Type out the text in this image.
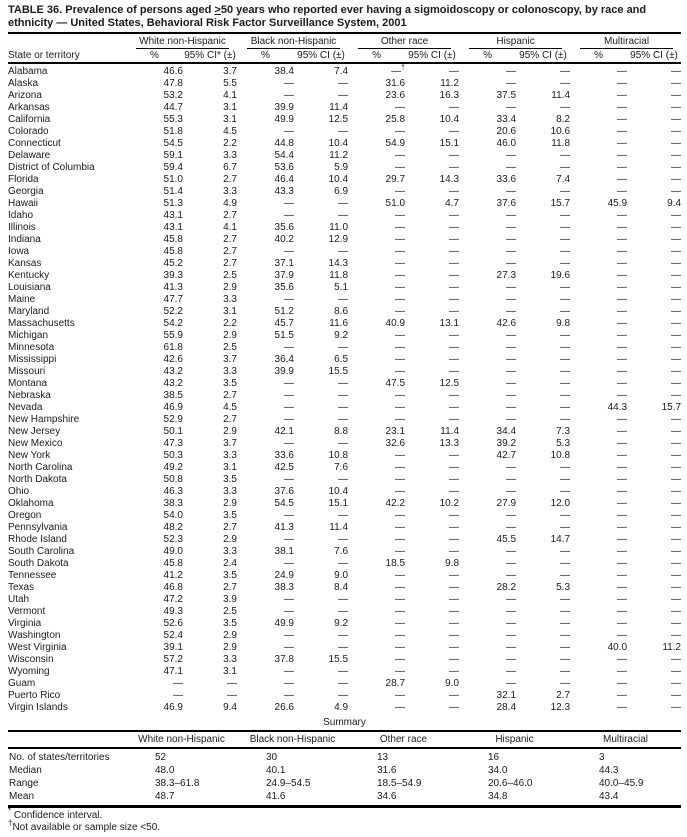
TABLE 36. Prevalence of persons aged ≥50 years who reported ever having a sigmoidoscopy or colonoscopy, by race and ethnicity — United States, Behavioral Risk Factor Surveillance System, 2001

	White non-Hispanic		Black non-Hispanic		Other race		Hispanic		Multiracial	

State or territory	%	95% CI* (±)	%	95% CI (±)	%	95% CI (±)	%	95% CI (±)	%	95% CI (±)
Alabama	46.6	3.7	38.4	7.4	—†	—	—	—	—	—
Alaska	47.8	5.5	—	—	31.6	11.2	—	—	—	—
Arizona	53.2	4.1	—	—	23.6	16.3	37.5	11.4	—	—
Arkansas	44.7	3.1	39.9	11.4	—	—	—	—	—	—
California	55.3	3.1	49.9	12.5	25.8	10.4	33.4	8.2	—	—
Colorado	51.8	4.5	—	—	—	—	20.6	10.6	—	—
Connecticut	54.5	2.2	44.8	10.4	54.9	15.1	46.0	11.8	—	—
Delaware	59.1	3.3	54.4	11.2	—	—	—	—	—	—
District of Columbia	59.4	6.7	53.6	5.9	—	—	—	—	—	—
Florida	51.0	2.7	46.4	10.4	29.7	14.3	33.6	7.4	—	—
Georgia	51.4	3.3	43.3	6.9	—	—	—	—	—	—
Hawaii	51.3	4.9	—	—	51.0	4.7	37.6	15.7	45.9	9.4
Idaho	43.1	2.7	—	—	—	—	—	—	—	—
Illinois	43.1	4.1	35.6	11.0	—	—	—	—	—	—
Indiana	45.8	2.7	40.2	12.9	—	—	—	—	—	—
Iowa	45.8	2.7	—	—	—	—	—	—	—	—
Kansas	45.2	2.7	37.1	14.3	—	—	—	—	—	—
Kentucky	39.3	2.5	37.9	11.8	—	—	27.3	19.6	—	—
Louisiana	41.3	2.9	35.6	5.1	—	—	—	—	—	—
Maine	47.7	3.3	—	—	—	—	—	—	—	—
Maryland	52.2	3.1	51.2	8.6	—	—	—	—	—	—
Massachusetts	54.2	2.2	45.7	11.6	40.9	13.1	42.6	9.8	—	—
Michigan	55.9	2.9	51.5	9.2	—	—	—	—	—	—
Minnesota	61.8	2.5	—	—	—	—	—	—	—	—
Mississippi	42.6	3.7	36.4	6.5	—	—	—	—	—	—
Missouri	43.2	3.3	39.9	15.5	—	—	—	—	—	—
Montana	43.2	3.5	—	—	47.5	12.5	—	—	—	—
Nebraska	38.5	2.7	—	—	—	—	—	—	—	—
Nevada	46.9	4.5	—	—	—	—	—	—	44.3	15.7
New Hampshire	52.9	2.7	—	—	—	—	—	—	—	—
New Jersey	50.1	2.9	42.1	8.8	23.1	11.4	34.4	7.3	—	—
New Mexico	47.3	3.7	—	—	32.6	13.3	39.2	5.3	—	—
New York	50.3	3.3	33.6	10.8	—	—	42.7	10.8	—	—
North Carolina	49.2	3.1	42.5	7.6	—	—	—	—	—	—
North Dakota	50.8	3.5	—	—	—	—	—	—	—	—
Ohio	46.3	3.3	37.6	10.4	—	—	—	—	—	—
Oklahoma	38.3	2.9	54.5	15.1	42.2	10.2	27.9	12.0	—	—
Oregon	54.0	3.5	—	—	—	—	—	—	—	—
Pennsylvania	48.2	2.7	41.3	11.4	—	—	—	—	—	—
Rhode Island	52.3	2.9	—	—	—	—	45.5	14.7	—	—
South Carolina	49.0	3.3	38.1	7.6	—	—	—	—	—	—
South Dakota	45.8	2.4	—	—	18.5	9.8	—	—	—	—
Tennessee	41.2	3.5	24.9	9.0	—	—	—	—	—	—
Texas	46.8	2.7	38.3	8.4	—	—	28.2	5.3	—	—
Utah	47.2	3.9	—	—	—	—	—	—	—	—
Vermont	49.3	2.5	—	—	—	—	—	—	—	—
Virginia	52.6	3.5	49.9	9.2	—	—	—	—	—	—
Washington	52.4	2.9	—	—	—	—	—	—	—	—
West Virginia	39.1	2.9	—	—	—	—	—	—	40.0	11.2
Wisconsin	57.2	3.3	37.8	15.5	—	—	—	—	—	—
Wyoming	47.1	3.1	—	—	—	—	—	—	—	—
Guam	—	—	—	—	28.7	9.0	—	—	—	—
Puerto Rico	—	—	—	—	—	—	32.1	2.7	—	—
Virgin Islands	46.9	9.4	26.6	4.9	—	—	28.4	12.3	—	—
Summary
	White non-Hispanic	Black non-Hispanic	Other race	Hispanic	Multiracial
No. of states/territories	52	30	13	16	3
Median	48.0	40.1	31.6	34.0	44.3
Range	38.3–61.8	24.9–54.5	18.5–54.9	20.6–46.0	40.0–45.9
Mean	48.7	41.6	34.6	34.8	43.4
* Confidence interval.
†Not available or sample size <50.
